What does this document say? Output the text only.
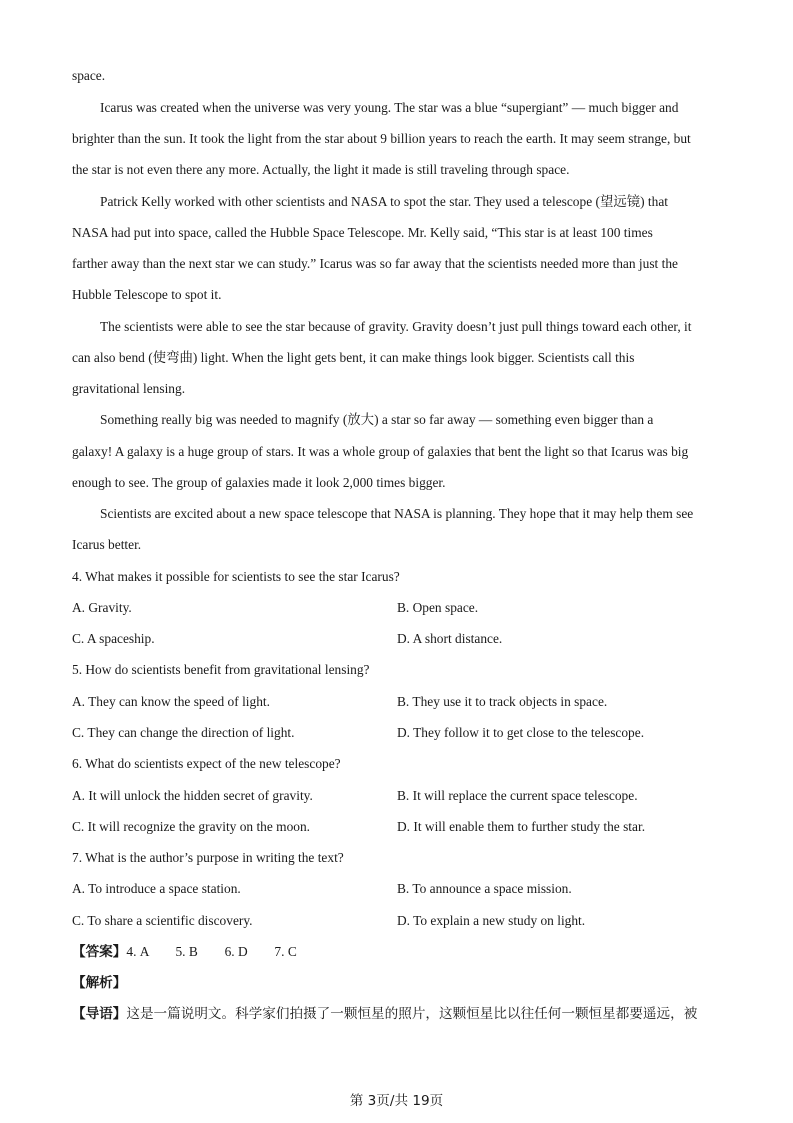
space.
Icarus was created when the universe was very young. The star was a blue “supergiant” — much bigger and
brighter than the sun. It took the light from the star about 9 billion years to reach the earth. It may seem strange, but
the star is not even there any more. Actually, the light it made is still traveling through space.
Patrick Kelly worked with other scientists and NASA to spot the star. They used a telescope (望远镜) that
NASA had put into space, called the Hubble Space Telescope. Mr. Kelly said, “This star is at least 100 times
farther away than the next star we can study.” Icarus was so far away that the scientists needed more than just the
Hubble Telescope to spot it.
The scientists were able to see the star because of gravity. Gravity doesn’t just pull things toward each other, it
can also bend (使弯曲) light. When the light gets bent, it can make things look bigger. Scientists call this
gravitational lensing.
Something really big was needed to magnify (放大) a star so far away — something even bigger than a
galaxy! A galaxy is a huge group of stars. It was a whole group of galaxies that bent the light so that Icarus was big
enough to see. The group of galaxies made it look 2,000 times bigger.
Scientists are excited about a new space telescope that NASA is planning. They hope that it may help them see
Icarus better.
4. What makes it possible for scientists to see the star Icarus?
A. Gravity.	B. Open space.
C. A spaceship.	D. A short distance.
5. How do scientists benefit from gravitational lensing?
A. They can know the speed of light.	B. They use it to track objects in space.
C. They can change the direction of light.	D. They follow it to get close to the telescope.
6. What do scientists expect of the new telescope?
A. It will unlock the hidden secret of gravity.	B. It will replace the current space telescope.
C. It will recognize the gravity on the moon.	D. It will enable them to further study the star.
7. What is the author’s purpose in writing the text?
A. To introduce a space station.	B. To announce a space mission.
C. To share a scientific discovery.	D. To explain a new study on light.
【答案】4. A        5. B        6. D        7. C
【解析】
【导语】这是一篇说明文。科学家们拍摄了一颗恒星的照片，这颗恒星比以往任何一颗恒星都要遥远，被
第 3页/共 19页
